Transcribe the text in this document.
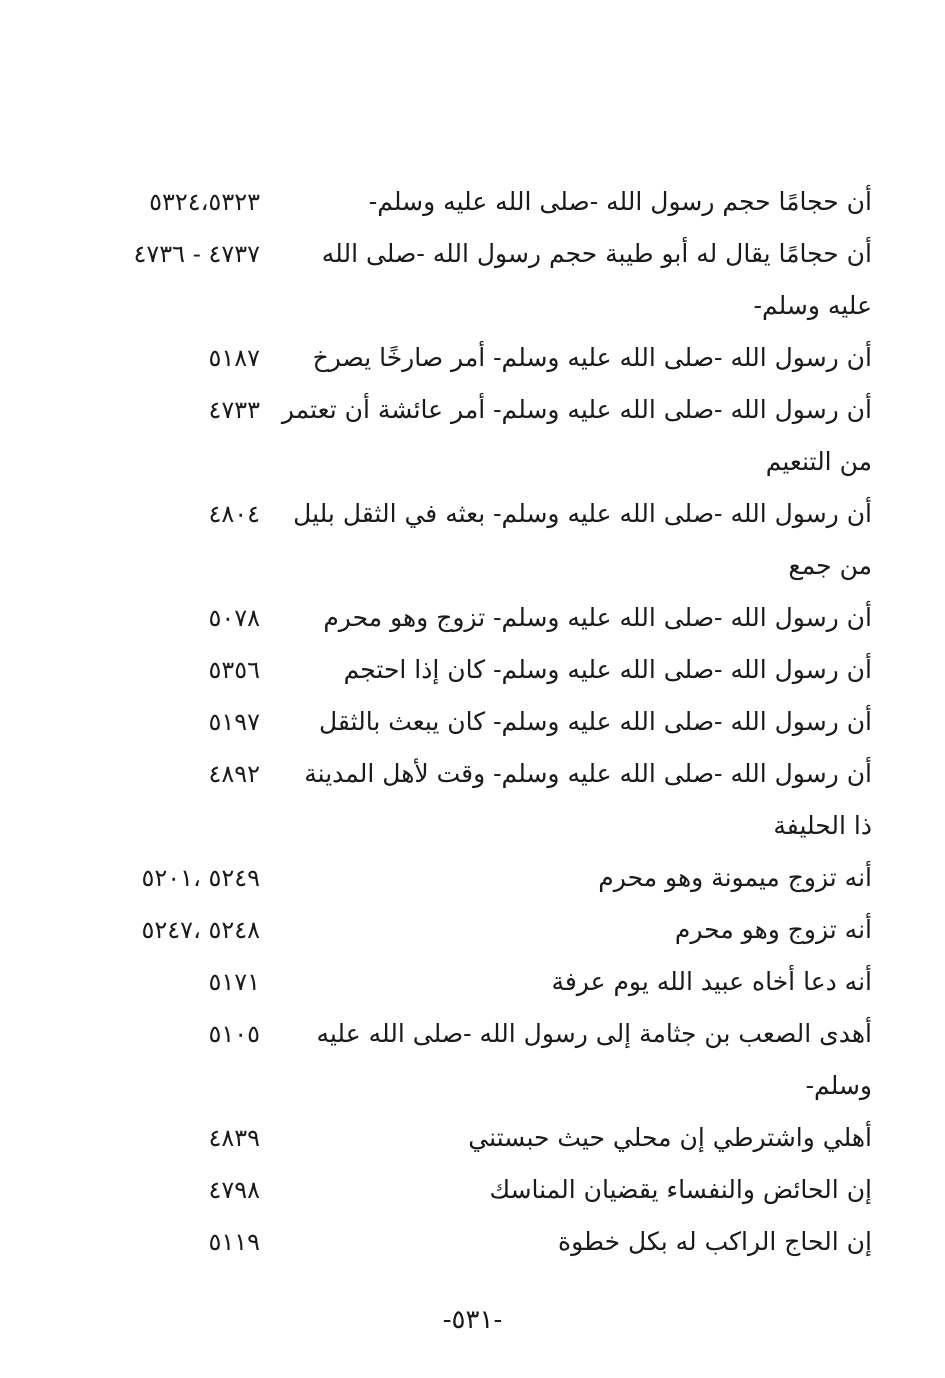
أن حجامًا حجم رسول الله -صلى الله عليه وسلم-
٥٣٢٤،٥٣٢٣
أن حجامًا يقال له أبو طيبة حجم رسول الله -صلى الله
٤٧٣٧ - ٤٧٣٦
عليه وسلم-
أن رسول الله -صلى الله عليه وسلم- أمر صارخًا يصرخ
٥١٨٧
أن رسول الله -صلى الله عليه وسلم- أمر عائشة أن تعتمر
٤٧٣٣
من التنعيم
أن رسول الله -صلى الله عليه وسلم- بعثه في الثقل بليل
٤٨٠٤
من جمع
أن رسول الله -صلى الله عليه وسلم- تزوج وهو محرم
٥٠٧٨
أن رسول الله -صلى الله عليه وسلم- كان إذا احتجم
٥٣٥٦
أن رسول الله -صلى الله عليه وسلم- كان يبعث بالثقل
٥١٩٧
أن رسول الله -صلى الله عليه وسلم- وقت لأهل المدينة
٤٨٩٢
ذا الحليفة
أنه تزوج ميمونة وهو محرم
٥٢٤٩ ،٥٢٠١
أنه تزوج وهو محرم
٥٢٤٨ ،٥٢٤٧
أنه دعا أخاه عبيد الله يوم عرفة
٥١٧١
أهدى الصعب بن جثامة إلى رسول الله -صلى الله عليه
٥١٠٥
وسلم-
أهلي واشترطي إن محلي حيث حبستني
٤٨٣٩
إن الحائض والنفساء يقضيان المناسك
٤٧٩٨
إن الحاج الراكب له بكل خطوة
٥١١٩
-٥٣١-
